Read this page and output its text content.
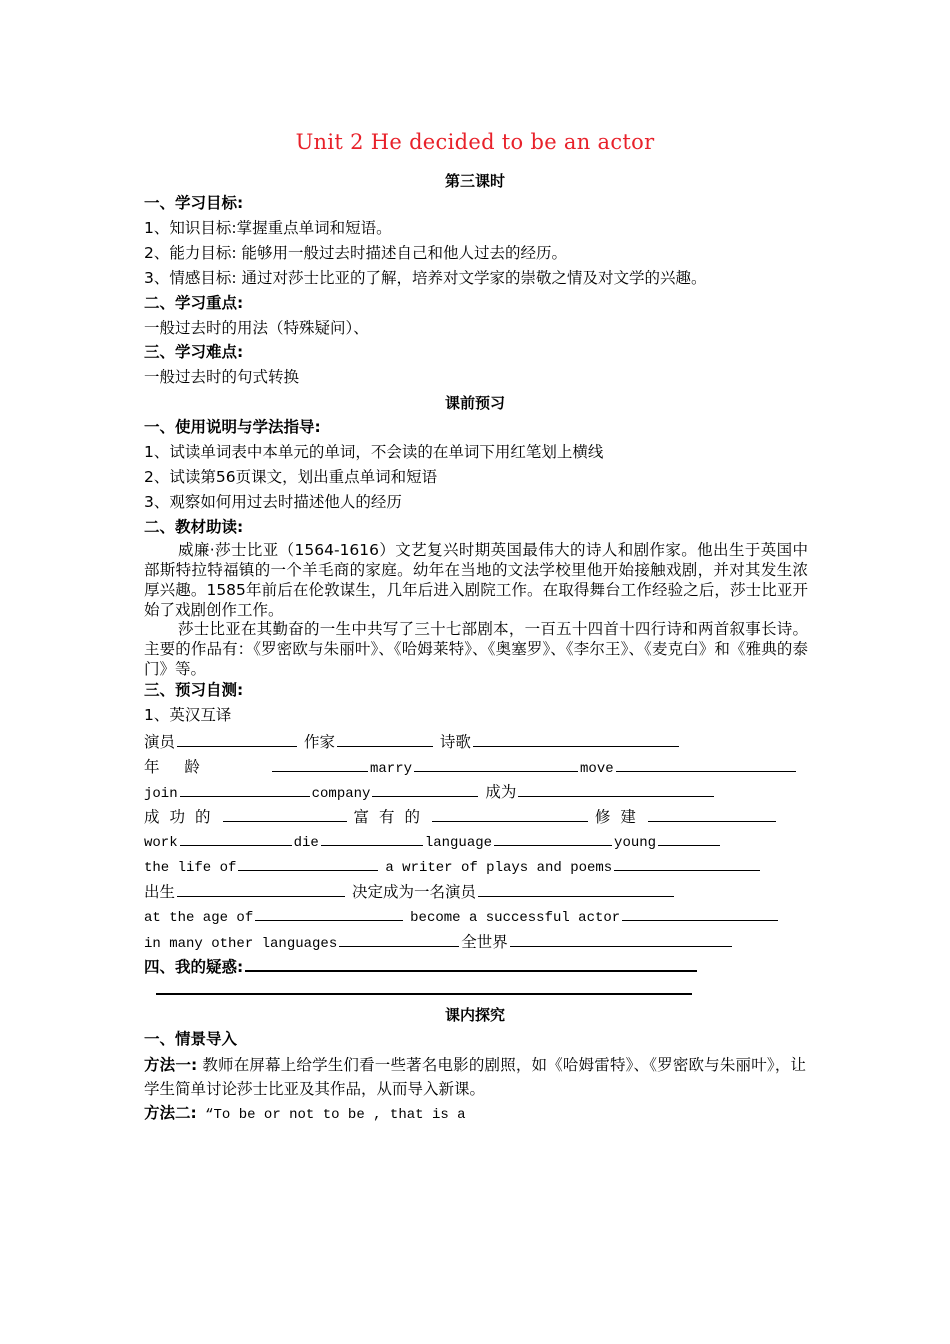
Unit 2 He decided to be an actor
第三课时
一、学习目标:
1、知识目标:掌握重点单词和短语。
2、能力目标: 能够用一般过去时描述自己和他人过去的经历。
3、情感目标: 通过对莎士比亚的了解，培养对文学家的崇敬之情及对文学的兴趣。
二、学习重点:
一般过去时的用法（特殊疑问）、
三、学习难点:
一般过去时的句式转换
课前预习
一、使用说明与学法指导:
1、试读单词表中本单元的单词，不会读的在单词下用红笔划上横线
2、试读第56页课文，划出重点单词和短语
3、观察如何用过去时描述他人的经历
二、教材助读:
威廉·莎士比亚（1564-1616）文艺复兴时期英国最伟大的诗人和剧作家。他出生于英国中部斯特拉特福镇的一个羊毛商的家庭。幼年在当地的文法学校里他开始接触戏剧，并对其发生浓厚兴趣。1585年前后在伦敦谋生，几年后进入剧院工作。在取得舞台工作经验之后，莎士比亚开始了戏剧创作工作。
莎士比亚在其勤奋的一生中共写了三十七部剧本，一百五十四首十四行诗和两首叙事长诗。主要的作品有：《罗密欧与朱丽叶》、《哈姆莱特》、《奥塞罗》、《李尔王》、《麦克白》和《雅典的泰门》等。
三、预习自测:
1、英汉互译
演员	作家	诗歌
年 龄	marry	move
join	company	成为
成功的	富有的	修建
work	die	language	young
the life of	a writer of plays and poems
出生	决定成为一名演员
at the age of	become a successful actor
in many other languages	全世界
四、我的疑惑:
课内探究
一、情景导入
方法一: 教师在屏幕上给学生们看一些著名电影的剧照，如《哈姆雷特》、《罗密欧与朱丽叶》，让学生简单讨论莎士比亚及其作品，从而导入新课。
方法二: “To be or not to be , that is a
